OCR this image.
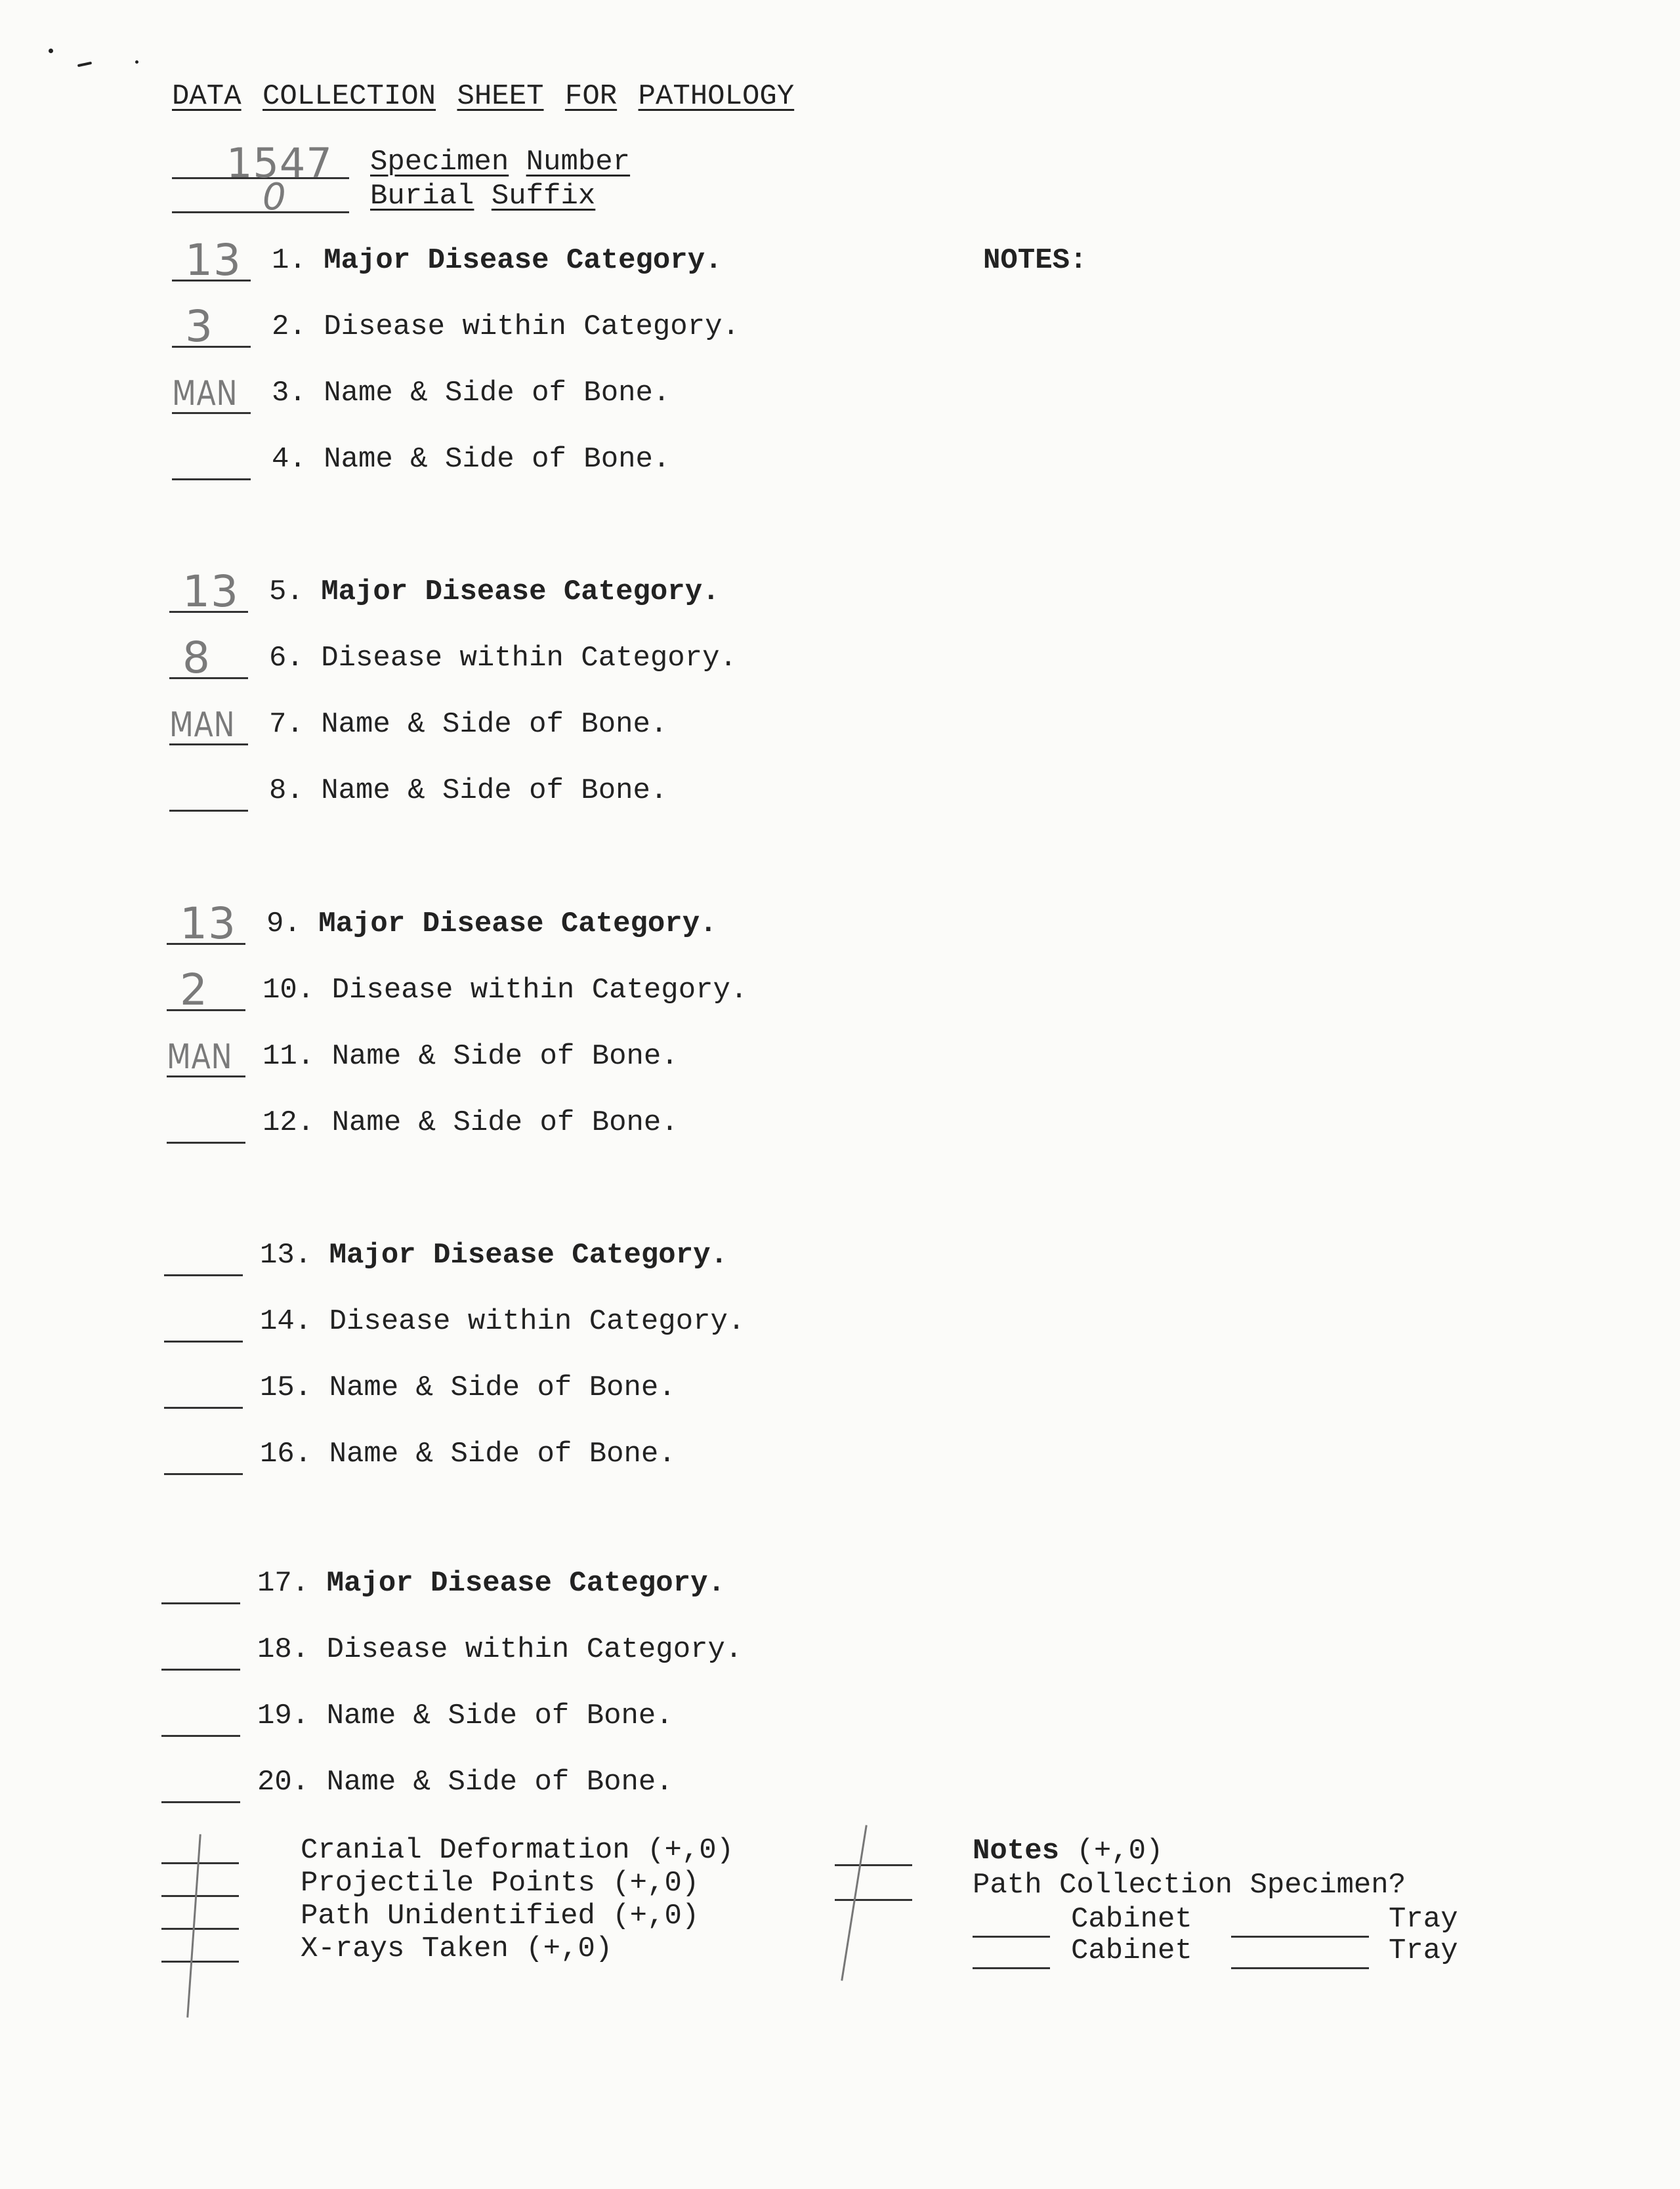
DATA COLLECTION SHEET FOR PATHOLOGY
1547 Specimen Number
0	Burial Suffix
NOTES:
13 1. Major Disease Category.
3 2. Disease within Category.
MAN 3. Name & Side of Bone.
4. Name & Side of Bone.
13 5. Major Disease Category.
8 6. Disease within Category.
MAN 7. Name & Side of Bone.
8. Name & Side of Bone.
13 9. Major Disease Category.
2 10. Disease within Category.
MAN 11. Name & Side of Bone.
12. Name & Side of Bone.
13. Major Disease Category.
14. Disease within Category.
15. Name & Side of Bone.
16. Name & Side of Bone.
17. Major Disease Category.
18. Disease within Category.
19. Name & Side of Bone.
20. Name & Side of Bone.
Cranial Deformation (+,0)
Projectile Points (+,0)
Path Unidentified (+,0)
X-rays Taken (+,0)
Notes (+,0)
Path Collection Specimen?
Cabinet	Tray
Cabinet	Tray
